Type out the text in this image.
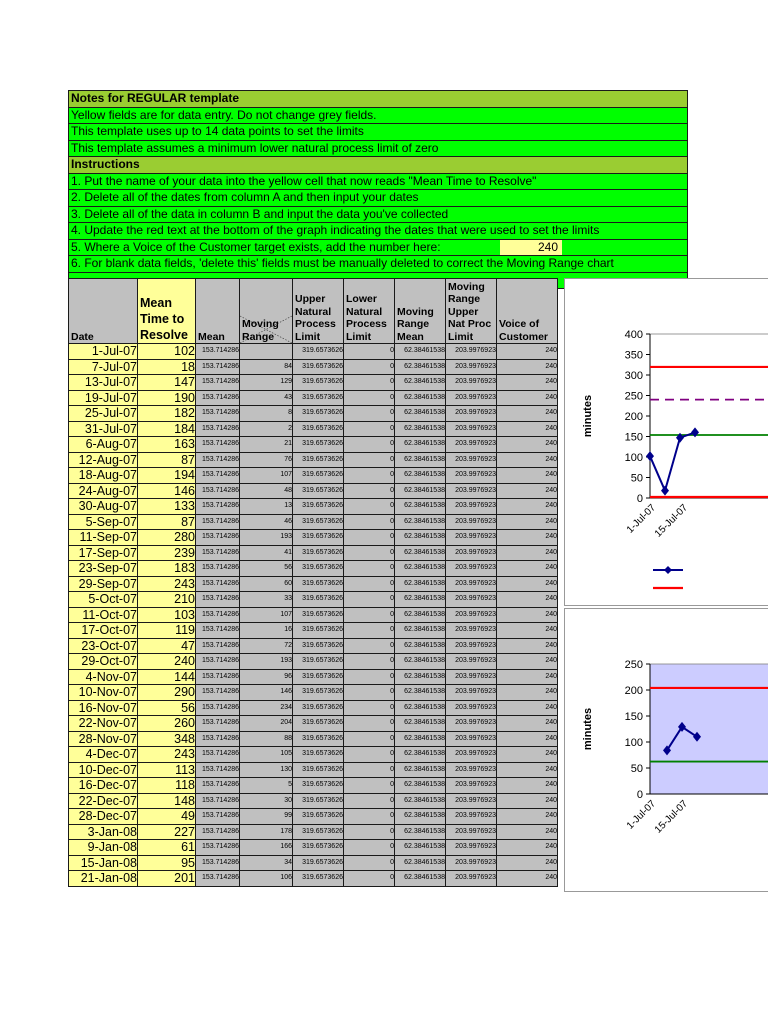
Notes for REGULAR template
Yellow fields are for data entry. Do not change grey fields.
This template uses up to 14 data points to set the limits
This template assumes a minimum lower natural process limit of zero
Instructions
1. Put the name of your data into the yellow cell that now reads "Mean Time to Resolve"
2. Delete all of the dates from column A and then input your dates
3. Delete all of the data in column B and input the data you've collected
4. Update the red text at the bottom of the graph indicating the dates that were used to set the limits
5. Where a Voice of the Customer target exists, add the number here:	240
6. For blank data fields, 'delete this' fields must be manually deleted to correct the Moving Range chart
Date	Mean Time to Resolve	Mean	Moving Range	Upper Natural Process Limit	Lower Natural Process Limit	Moving Range Mean	Moving Range Upper Nat Proc Limit	Voice of Customer
1-Jul-07	102	153.714286		319.6573626	0	62.38461538	203.9976923	240
7-Jul-07	18	153.714286	84	319.6573626	0	62.38461538	203.9976923	240
13-Jul-07	147	153.714286	129	319.6573626	0	62.38461538	203.9976923	240
19-Jul-07	190	153.714286	43	319.6573626	0	62.38461538	203.9976923	240
25-Jul-07	182	153.714286	8	319.6573626	0	62.38461538	203.9976923	240
31-Jul-07	184	153.714286	2	319.6573626	0	62.38461538	203.9976923	240
6-Aug-07	163	153.714286	21	319.6573626	0	62.38461538	203.9976923	240
12-Aug-07	87	153.714286	76	319.6573626	0	62.38461538	203.9976923	240
18-Aug-07	194	153.714286	107	319.6573626	0	62.38461538	203.9976923	240
24-Aug-07	146	153.714286	48	319.6573626	0	62.38461538	203.9976923	240
30-Aug-07	133	153.714286	13	319.6573626	0	62.38461538	203.9976923	240
5-Sep-07	87	153.714286	46	319.6573626	0	62.38461538	203.9976923	240
11-Sep-07	280	153.714286	193	319.6573626	0	62.38461538	203.9976923	240
17-Sep-07	239	153.714286	41	319.6573626	0	62.38461538	203.9976923	240
23-Sep-07	183	153.714286	56	319.6573626	0	62.38461538	203.9976923	240
29-Sep-07	243	153.714286	60	319.6573626	0	62.38461538	203.9976923	240
5-Oct-07	210	153.714286	33	319.6573626	0	62.38461538	203.9976923	240
11-Oct-07	103	153.714286	107	319.6573626	0	62.38461538	203.9976923	240
17-Oct-07	119	153.714286	16	319.6573626	0	62.38461538	203.9976923	240
23-Oct-07	47	153.714286	72	319.6573626	0	62.38461538	203.9976923	240
29-Oct-07	240	153.714286	193	319.6573626	0	62.38461538	203.9976923	240
4-Nov-07	144	153.714286	96	319.6573626	0	62.38461538	203.9976923	240
10-Nov-07	290	153.714286	146	319.6573626	0	62.38461538	203.9976923	240
16-Nov-07	56	153.714286	234	319.6573626	0	62.38461538	203.9976923	240
22-Nov-07	260	153.714286	204	319.6573626	0	62.38461538	203.9976923	240
28-Nov-07	348	153.714286	88	319.6573626	0	62.38461538	203.9976923	240
4-Dec-07	243	153.714286	105	319.6573626	0	62.38461538	203.9976923	240
10-Dec-07	113	153.714286	130	319.6573626	0	62.38461538	203.9976923	240
16-Dec-07	118	153.714286	5	319.6573626	0	62.38461538	203.9976923	240
22-Dec-07	148	153.714286	30	319.6573626	0	62.38461538	203.9976923	240
28-Dec-07	49	153.714286	99	319.6573626	0	62.38461538	203.9976923	240
3-Jan-08	227	153.714286	178	319.6573626	0	62.38461538	203.9976923	240
9-Jan-08	61	153.714286	166	319.6573626	0	62.38461538	203.9976923	240
15-Jan-08	95	153.714286	34	319.6573626	0	62.38461538	203.9976923	240
21-Jan-08	201	153.714286	106	319.6573626	0	62.38461538	203.9976923	240
0
50
100
150
200
250
300
350
400
minutes
1-Jul-07
15-Jul-07
0
50
100
150
200
250
minutes
1-Jul-07
15-Jul-07
